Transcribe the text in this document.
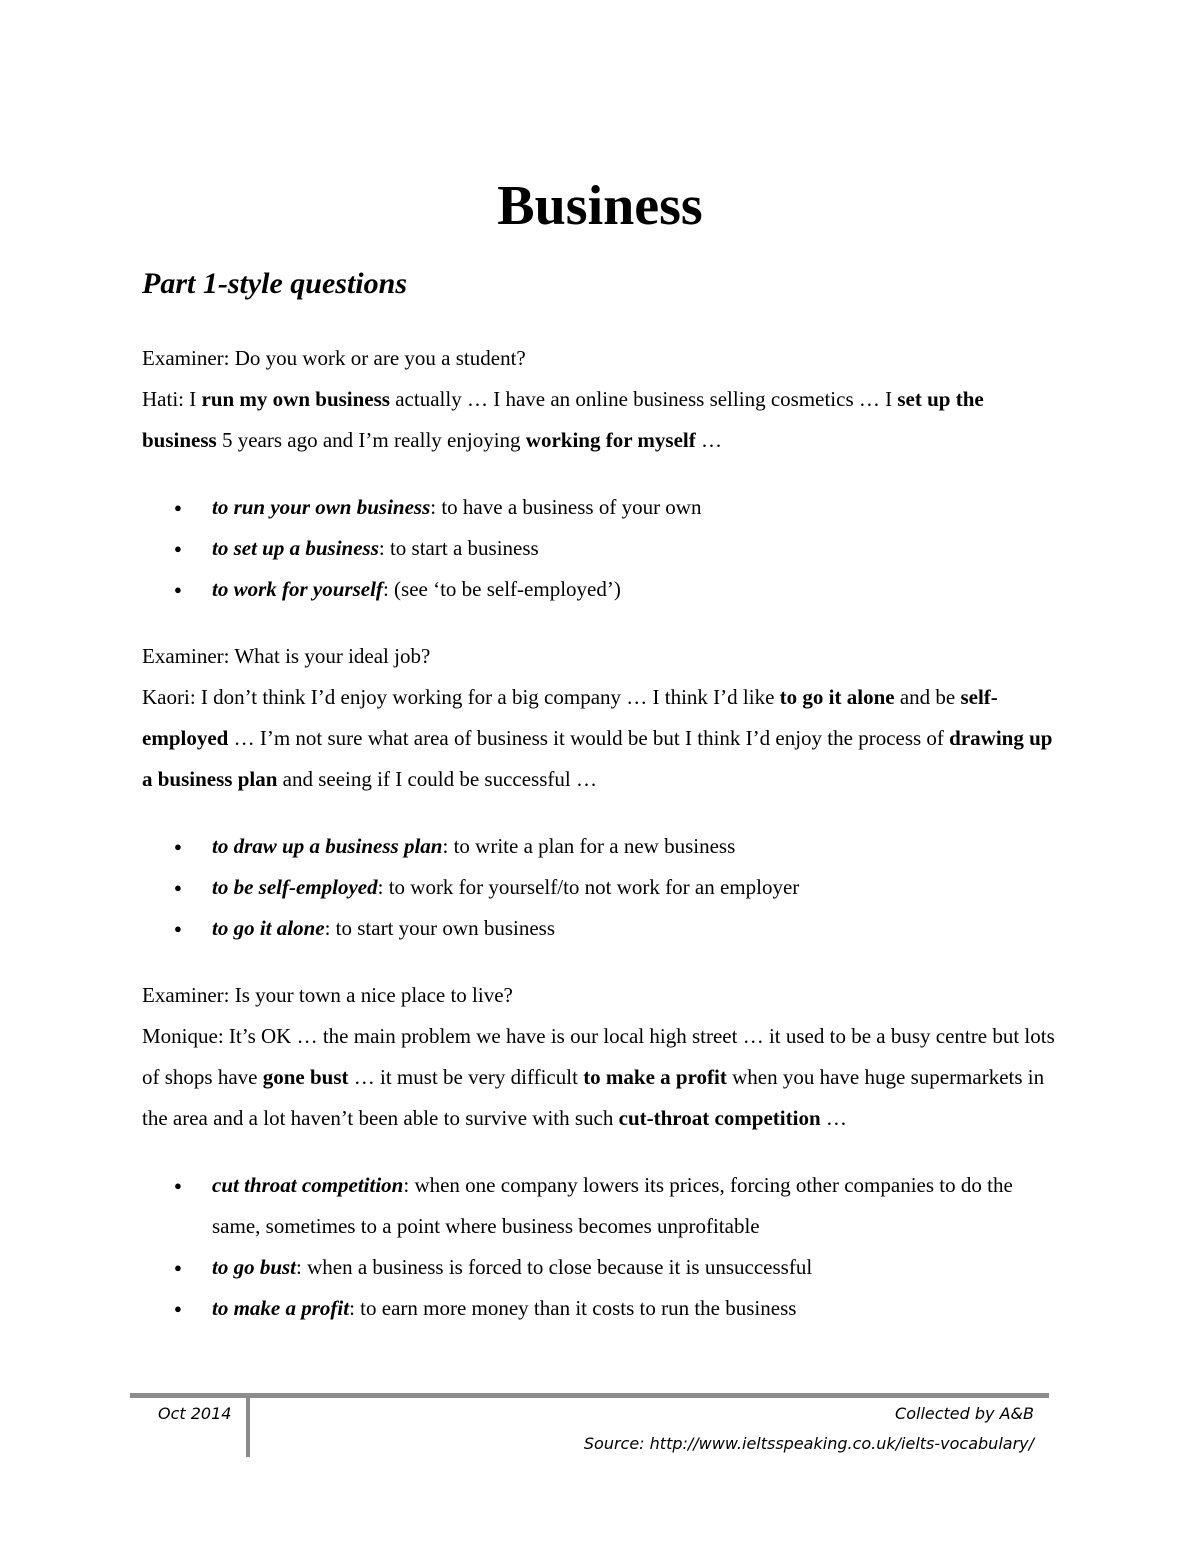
Business
Part 1-style questions

Examiner: Do you work or are you a student?

Hati: I run my own business actually … I have an online business selling cosmetics … I set up the business 5 years ago and I’m really enjoying working for myself …

● to run your own business: to have a business of your own
● to set up a business: to start a business
● to work for yourself: (see ‘to be self-employed’)

Examiner: What is your ideal job?

Kaori: I don’t think I’d enjoy working for a big company … I think I’d like to go it alone and be self-employed … I’m not sure what area of business it would be but I think I’d enjoy the process of drawing up a business plan and seeing if I could be successful …

● to draw up a business plan: to write a plan for a new business
● to be self-employed: to work for yourself/to not work for an employer
● to go it alone: to start your own business

Examiner: Is your town a nice place to live?

Monique: It’s OK … the main problem we have is our local high street … it used to be a busy centre but lots of shops have gone bust … it must be very difficult to make a profit when you have huge supermarkets in the area and a lot haven’t been able to survive with such cut-throat competition …

● cut throat competition: when one company lowers its prices, forcing other companies to do the same, sometimes to a point where business becomes unprofitable
● to go bust: when a business is forced to close because it is unsuccessful
● to make a profit: to earn more money than it costs to run the business
Oct 2014	Collected by A&B
Source: http://www.ieltsspeaking.co.uk/ielts-vocabulary/
